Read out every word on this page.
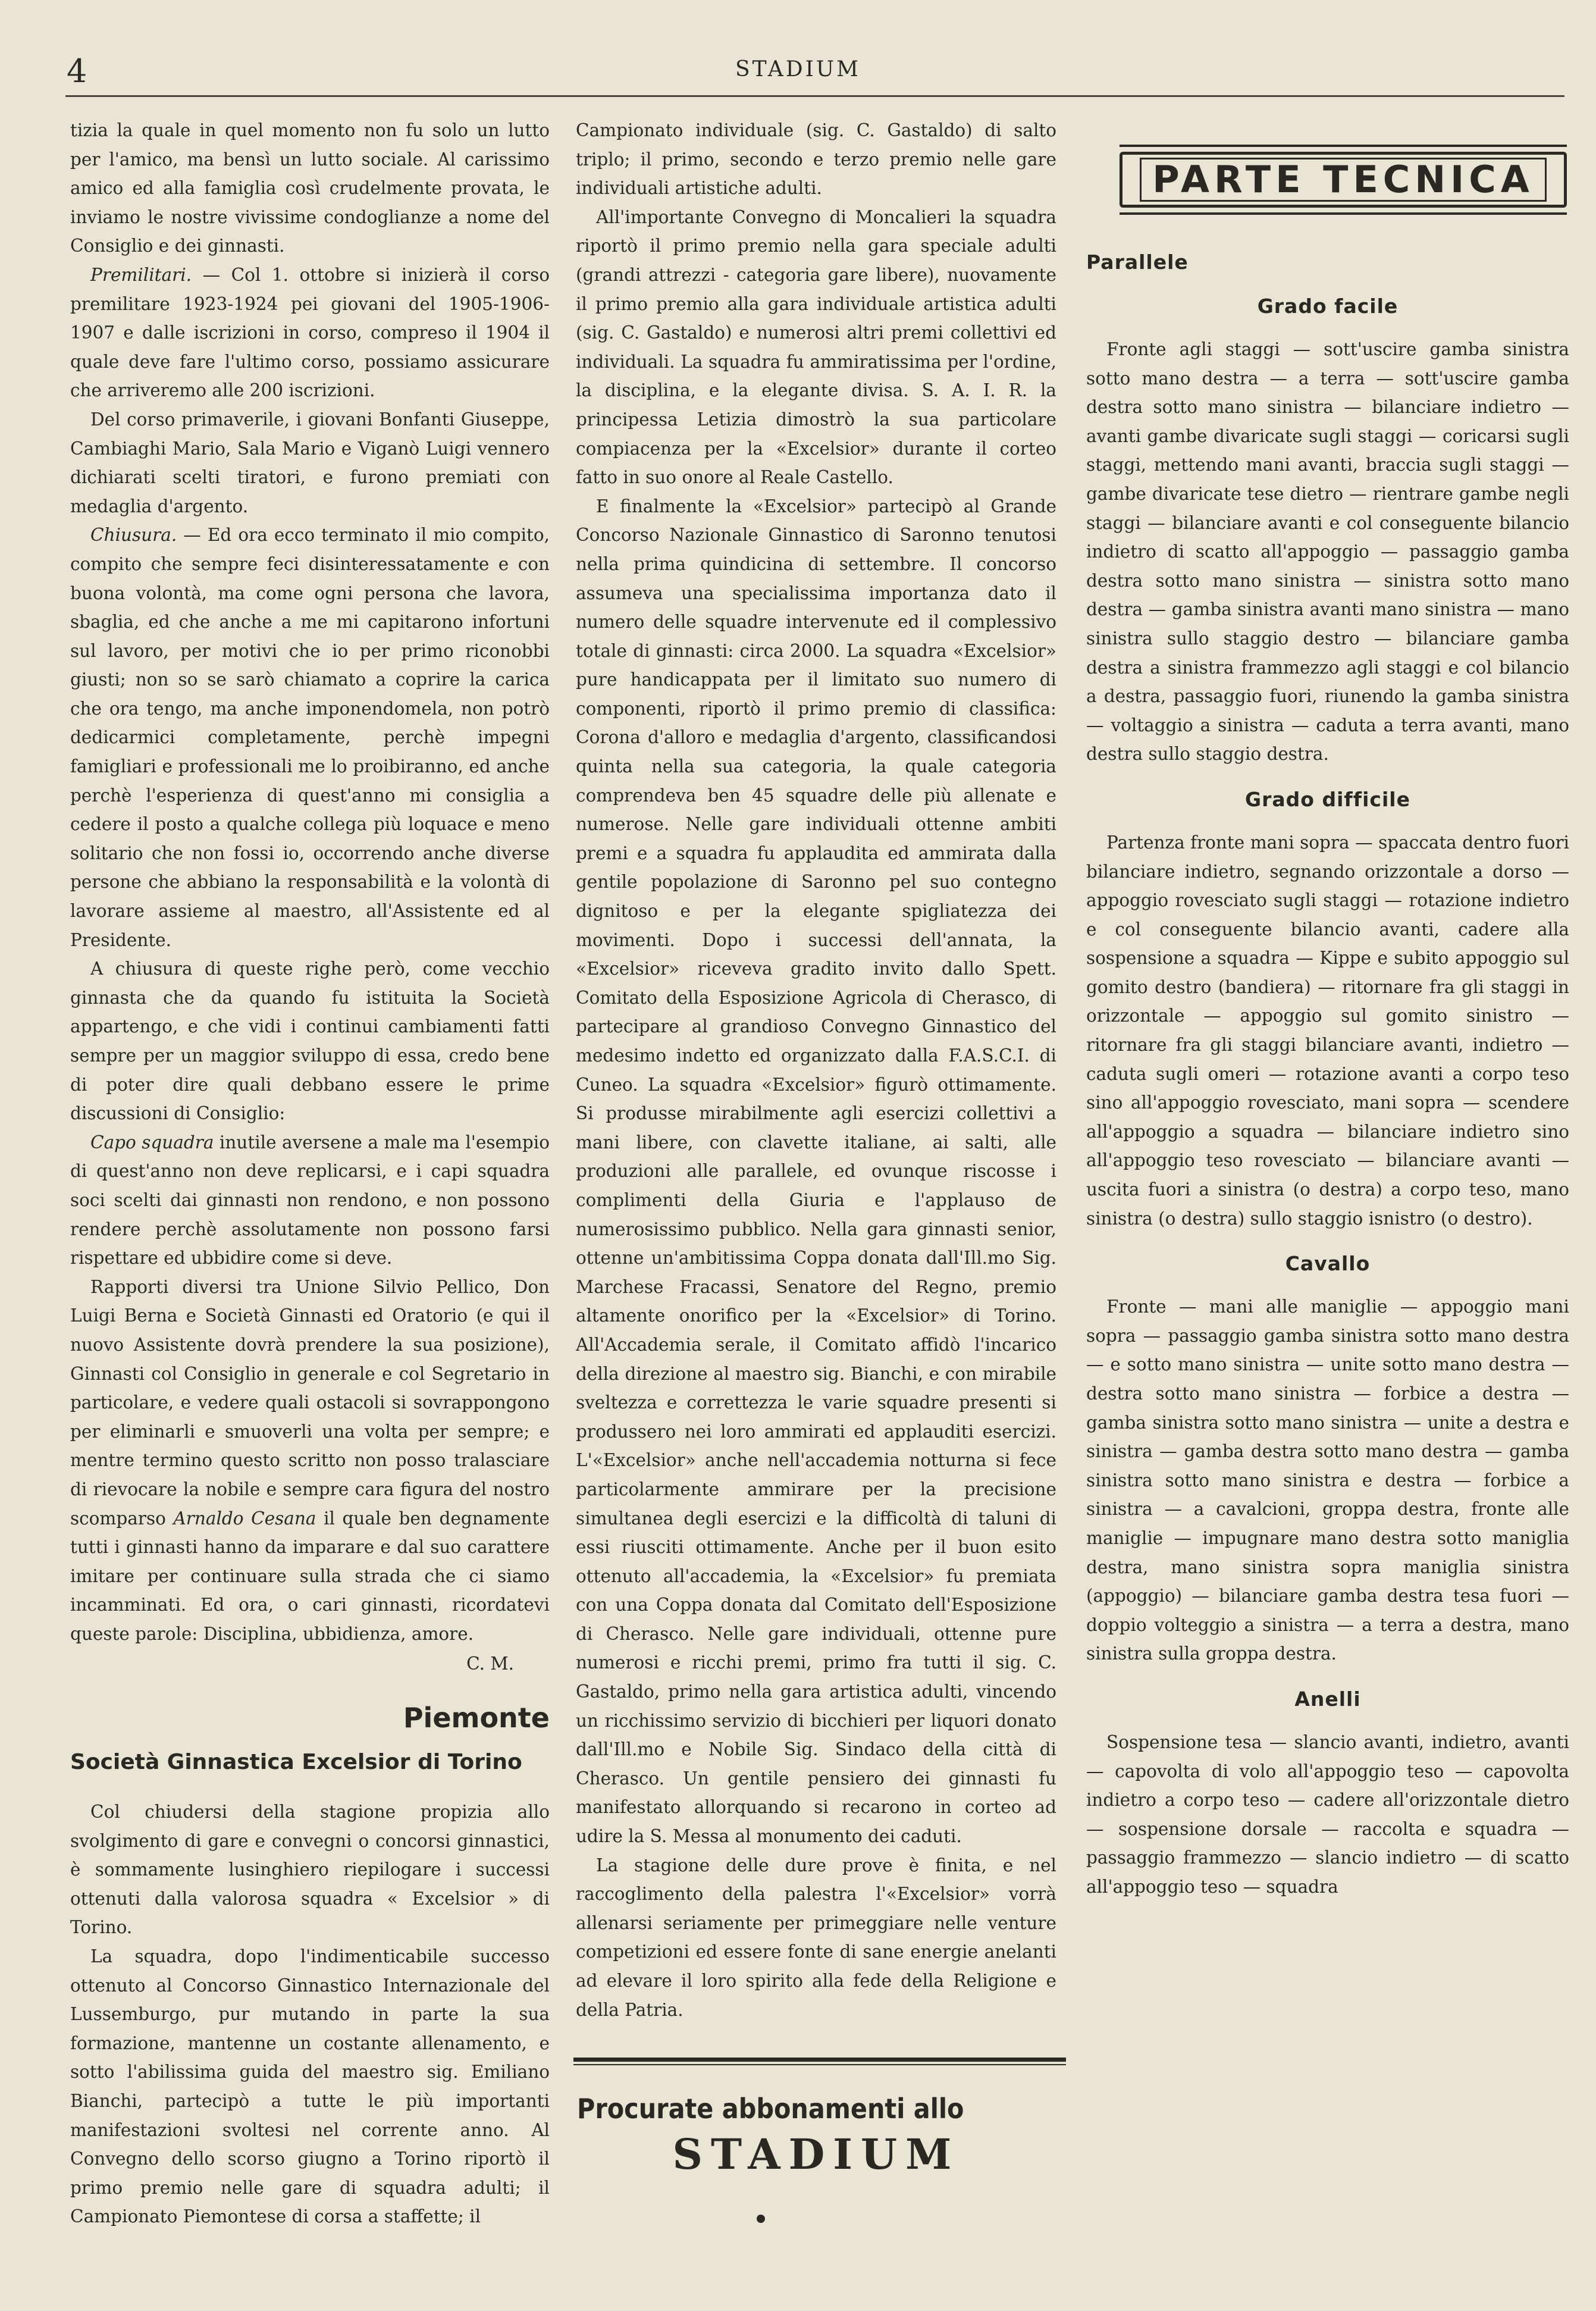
4	STADIUM

tizia la quale in quel momento non fu solo un lutto per l'amico, ma bensì un lutto sociale. Al carissimo amico ed alla famiglia così crudelmente provata, le inviamo le nostre vivissime condoglianze a nome del Consiglio e dei ginnasti.

Premilitari. — Col 1. ottobre si inizierà il corso premilitare 1923-1924 pei giovani del 1905-1906-1907 e dalle iscrizioni in corso, compreso il 1904 il quale deve fare l'ultimo corso, possiamo assicurare che arriveremo alle 200 iscrizioni.

Del corso primaverile, i giovani Bonfanti Giuseppe, Cambiaghi Mario, Sala Mario e Viganò Luigi vennero dichiarati scelti tiratori, e furono premiati con medaglia d'argento.

Chiusura. — Ed ora ecco terminato il mio compito, compito che sempre feci disinteressatamente e con buona volontà, ma come ogni persona che lavora, sbaglia, ed che anche a me mi capitarono infortuni sul lavoro, per motivi che io per primo riconobbi giusti; non so se sarò chiamato a coprire la carica che ora tengo, ma anche imponendomela, non potrò dedicarmici completamente, perchè impegni famigliari e professionali me lo proibiranno, ed anche perchè l'esperienza di quest'anno mi consiglia a cedere il posto a qualche collega più loquace e meno solitario che non fossi io, occorrendo anche diverse persone che abbiano la responsabilità e la volontà di lavorare assieme al maestro, all'Assistente ed al Presidente.

A chiusura di queste righe però, come vecchio ginnasta che da quando fu istituita la Società appartengo, e che vidi i continui cambiamenti fatti sempre per un maggior sviluppo di essa, credo bene di poter dire quali debbano essere le prime discussioni di Consiglio:

Capo squadra inutile aversene a male ma l'esempio di quest'anno non deve replicarsi, e i capi squadra soci scelti dai ginnasti non rendono, e non possono rendere perchè assolutamente non possono farsi rispettare ed ubbidire come si deve.

Rapporti diversi tra Unione Silvio Pellico, Don Luigi Berna e Società Ginnasti ed Oratorio (e qui il nuovo Assistente dovrà prendere la sua posizione), Ginnasti col Consiglio in generale e col Segretario in particolare, e vedere quali ostacoli si sovrappongono per eliminarli e smuoverli una volta per sempre; e mentre termino questo scritto non posso tralasciare di rievocare la nobile e sempre cara figura del nostro scomparso Arnaldo Cesana il quale ben degnamente tutti i ginnasti hanno da imparare e dal suo carattere imitare per continuare sulla strada che ci siamo incamminati. Ed ora, o cari ginnasti, ricordatevi queste parole: Disciplina, ubbidienza, amore.

C. M.
Piemonte
Società Ginnastica Excelsior di Torino

Col chiudersi della stagione propizia allo svolgimento di gare e convegni o concorsi ginnastici, è sommamente lusinghiero riepilogare i successi ottenuti dalla valorosa squadra « Excelsior » di Torino.

La squadra, dopo l'indimenticabile successo ottenuto al Concorso Ginnastico Internazionale del Lussemburgo, pur mutando in parte la sua formazione, mantenne un costante allenamento, e sotto l'abilissima guida del maestro sig. Emiliano Bianchi, partecipò a tutte le più importanti manifestazioni svoltesi nel corrente anno. Al Convegno dello scorso giugno a Torino riportò il primo premio nelle gare di squadra adulti; il Campionato Piemontese di corsa a staffette; il

Campionato individuale (sig. C. Gastaldo) di salto triplo; il primo, secondo e terzo premio nelle gare individuali artistiche adulti.

All'importante Convegno di Moncalieri la squadra riportò il primo premio nella gara speciale adulti (grandi attrezzi - categoria gare libere), nuovamente il primo premio alla gara individuale artistica adulti (sig. C. Gastaldo) e numerosi altri premi collettivi ed individuali. La squadra fu ammiratissima per l'ordine, la disciplina, e la elegante divisa. S. A. I. R. la principessa Letizia dimostrò la sua particolare compiacenza per la «Excelsior» durante il corteo fatto in suo onore al Reale Castello.

E finalmente la «Excelsior» partecipò al Grande Concorso Nazionale Ginnastico di Saronno tenutosi nella prima quindicina di settembre. Il concorso assumeva una specialissima importanza dato il numero delle squadre intervenute ed il complessivo totale di ginnasti: circa 2000. La squadra «Excelsior» pure handicappata per il limitato suo numero di componenti, riportò il primo premio di classifica: Corona d'alloro e medaglia d'argento, classificandosi quinta nella sua categoria, la quale categoria comprendeva ben 45 squadre delle più allenate e numerose. Nelle gare individuali ottenne ambiti premi e a squadra fu applaudita ed ammirata dalla gentile popolazione di Saronno pel suo contegno dignitoso e per la elegante spigliatezza dei movimenti. Dopo i successi dell'annata, la «Excelsior» riceveva gradito invito dallo Spett. Comitato della Esposizione Agricola di Cherasco, di partecipare al grandioso Convegno Ginnastico del medesimo indetto ed organizzato dalla F.A.S.C.I. di Cuneo. La squadra «Excelsior» figurò ottimamente. Si produsse mirabilmente agli esercizi collettivi a mani libere, con clavette italiane, ai salti, alle produzioni alle parallele, ed ovunque riscosse i complimenti della Giuria e l'applauso de numerosissimo pubblico. Nella gara ginnasti senior, ottenne un'ambitissima Coppa donata dall'Ill.mo Sig. Marchese Fracassi, Senatore del Regno, premio altamente onorifico per la «Excelsior» di Torino. All'Accademia serale, il Comitato affidò l'incarico della direzione al maestro sig. Bianchi, e con mirabile sveltezza e correttezza le varie squadre presenti si produssero nei loro ammirati ed applauditi esercizi. L'«Excelsior» anche nell'accademia notturna si fece particolarmente ammirare per la precisione simultanea degli esercizi e la difficoltà di taluni di essi riusciti ottimamente. Anche per il buon esito ottenuto all'accademia, la «Excelsior» fu premiata con una Coppa donata dal Comitato dell'Esposizione di Cherasco. Nelle gare individuali, ottenne pure numerosi e ricchi premi, primo fra tutti il sig. C. Gastaldo, primo nella gara artistica adulti, vincendo un ricchissimo servizio di bicchieri per liquori donato dall'Ill.mo e Nobile Sig. Sindaco della città di Cherasco. Un gentile pensiero dei ginnasti fu manifestato allorquando si recarono in corteo ad udire la S. Messa al monumento dei caduti.

La stagione delle dure prove è finita, e nel raccoglimento della palestra l'«Excelsior» vorrà allenarsi seriamente per primeggiare nelle venture competizioni ed essere fonte di sane energie anelanti ad elevare il loro spirito alla fede della Religione e della Patria.

Procurate abbonamenti allo
STADIUM
PARTE TECNICA
Parallele
Grado facile

Fronte agli staggi — sott'uscire gamba sinistra sotto mano destra — a terra — sott'uscire gamba destra sotto mano sinistra — bilanciare indietro — avanti gambe divaricate sugli staggi — coricarsi sugli staggi, mettendo mani avanti, braccia sugli staggi — gambe divaricate tese dietro — rientrare gambe negli staggi — bilanciare avanti e col conseguente bilancio indietro di scatto all'appoggio — passaggio gamba destra sotto mano sinistra — sinistra sotto mano destra — gamba sinistra avanti mano sinistra — mano sinistra sullo staggio destro — bilanciare gamba destra a sinistra frammezzo agli staggi e col bilancio a destra, passaggio fuori, riunendo la gamba sinistra — voltaggio a sinistra — caduta a terra avanti, mano destra sullo staggio destra.

Grado difficile

Partenza fronte mani sopra — spaccata dentro fuori bilanciare indietro, segnando orizzontale a dorso — appoggio rovesciato sugli staggi — rotazione indietro e col conseguente bilancio avanti, cadere alla sospensione a squadra — Kippe e subito appoggio sul gomito destro (bandiera) — ritornare fra gli staggi in orizzontale — appoggio sul gomito sinistro — ritornare fra gli staggi bilanciare avanti, indietro — caduta sugli omeri — rotazione avanti a corpo teso sino all'appoggio rovesciato, mani sopra — scendere all'appoggio a squadra — bilanciare indietro sino all'appoggio teso rovesciato — bilanciare avanti — uscita fuori a sinistra (o destra) a corpo teso, mano sinistra (o destra) sullo staggio isnistro (o destro).

Cavallo

Fronte — mani alle maniglie — appoggio mani sopra — passaggio gamba sinistra sotto mano destra — e sotto mano sinistra — unite sotto mano destra — destra sotto mano sinistra — forbice a destra — gamba sinistra sotto mano sinistra — unite a destra e sinistra — gamba destra sotto mano destra — gamba sinistra sotto mano sinistra e destra — forbice a sinistra — a cavalcioni, groppa destra, fronte alle maniglie — impugnare mano destra sotto maniglia destra, mano sinistra sopra maniglia sinistra (appoggio) — bilanciare gamba destra tesa fuori — doppio volteggio a sinistra — a terra a destra, mano sinistra sulla groppa destra.

Anelli

Sospensione tesa — slancio avanti, indietro, avanti — capovolta di volo all'appoggio teso — capovolta indietro a corpo teso — cadere all'orizzontale dietro — sospensione dorsale — raccolta e squadra — passaggio frammezzo — slancio indietro — di scatto all'appoggio teso — squadra
